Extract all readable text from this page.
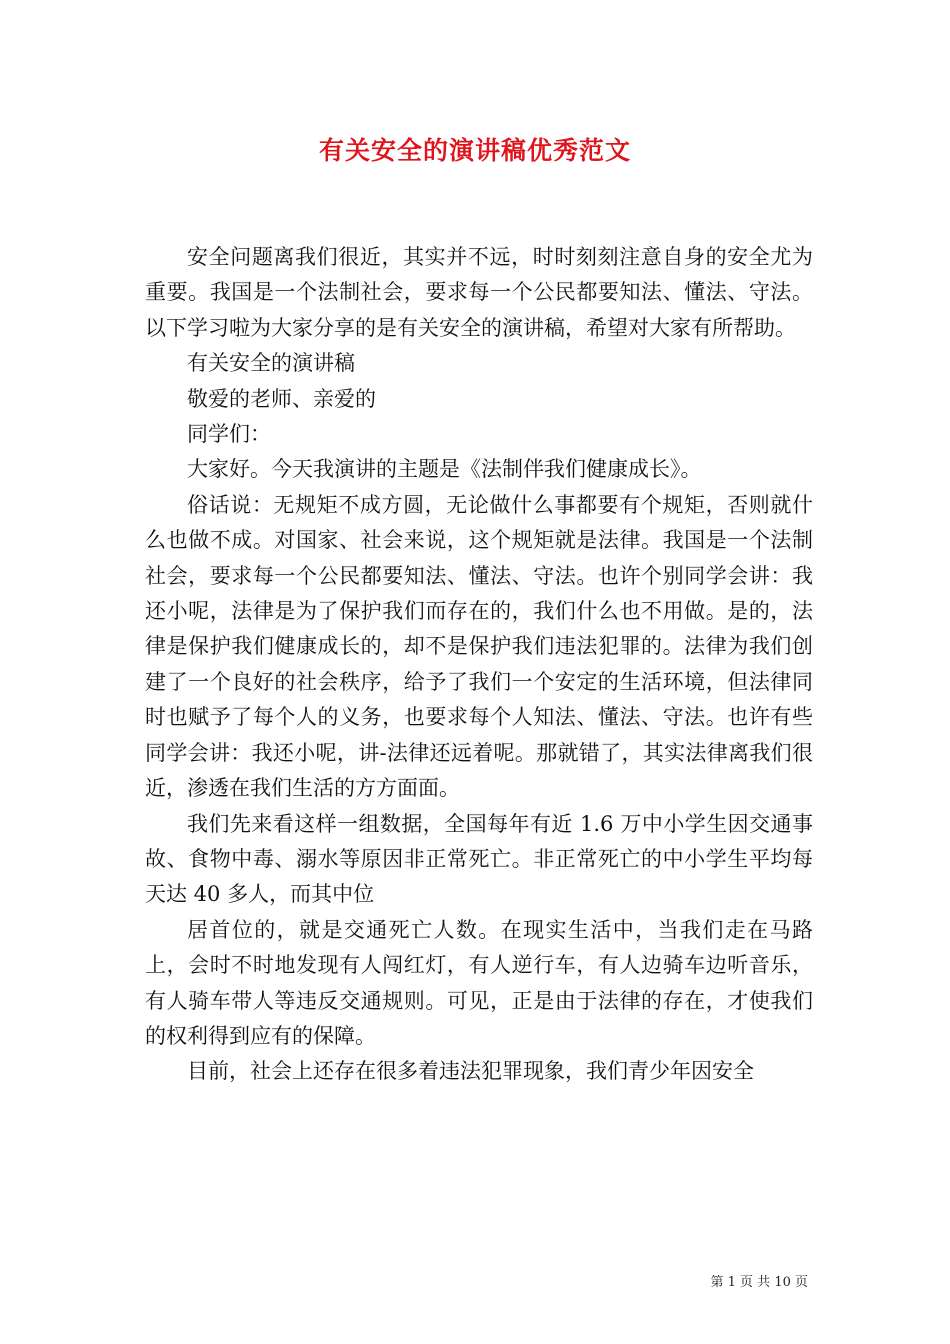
有关安全的演讲稿优秀范文

安全问题离我们很近，其实并不远，时时刻刻注意自身的安全尤为重要。我国是一个法制社会，要求每一个公民都要知法、懂法、守法。以下学习啦为大家分享的是有关安全的演讲稿，希望对大家有所帮助。

有关安全的演讲稿

敬爱的老师、亲爱的

同学们：

大家好。今天我演讲的主题是《法制伴我们健康成长》。

俗话说：无规矩不成方圆，无论做什么事都要有个规矩，否则就什么也做不成。对国家、社会来说，这个规矩就是法律。我国是一个法制社会，要求每一个公民都要知法、懂法、守法。也许个别同学会讲：我还小呢，法律是为了保护我们而存在的，我们什么也不用做。是的，法律是保护我们健康成长的，却不是保护我们违法犯罪的。法律为我们创建了一个良好的社会秩序，给予了我们一个安定的生活环境，但法律同时也赋予了每个人的义务，也要求每个人知法、懂法、守法。也许有些同学会讲：我还小呢，讲-法律还远着呢。那就错了，其实法律离我们很近，渗透在我们生活的方方面面。

我们先来看这样一组数据，全国每年有近 1.6 万中小学生因交通事故、食物中毒、溺水等原因非正常死亡。非正常死亡的中小学生平均每天达 40 多人，而其中位

居首位的，就是交通死亡人数。在现实生活中，当我们走在马路上，会时不时地发现有人闯红灯，有人逆行车，有人边骑车边听音乐，有人骑车带人等违反交通规则。可见，正是由于法律的存在，才使我们的权利得到应有的保障。

目前，社会上还存在很多着违法犯罪现象，我们青少年因安全

第 1 页 共 10 页
